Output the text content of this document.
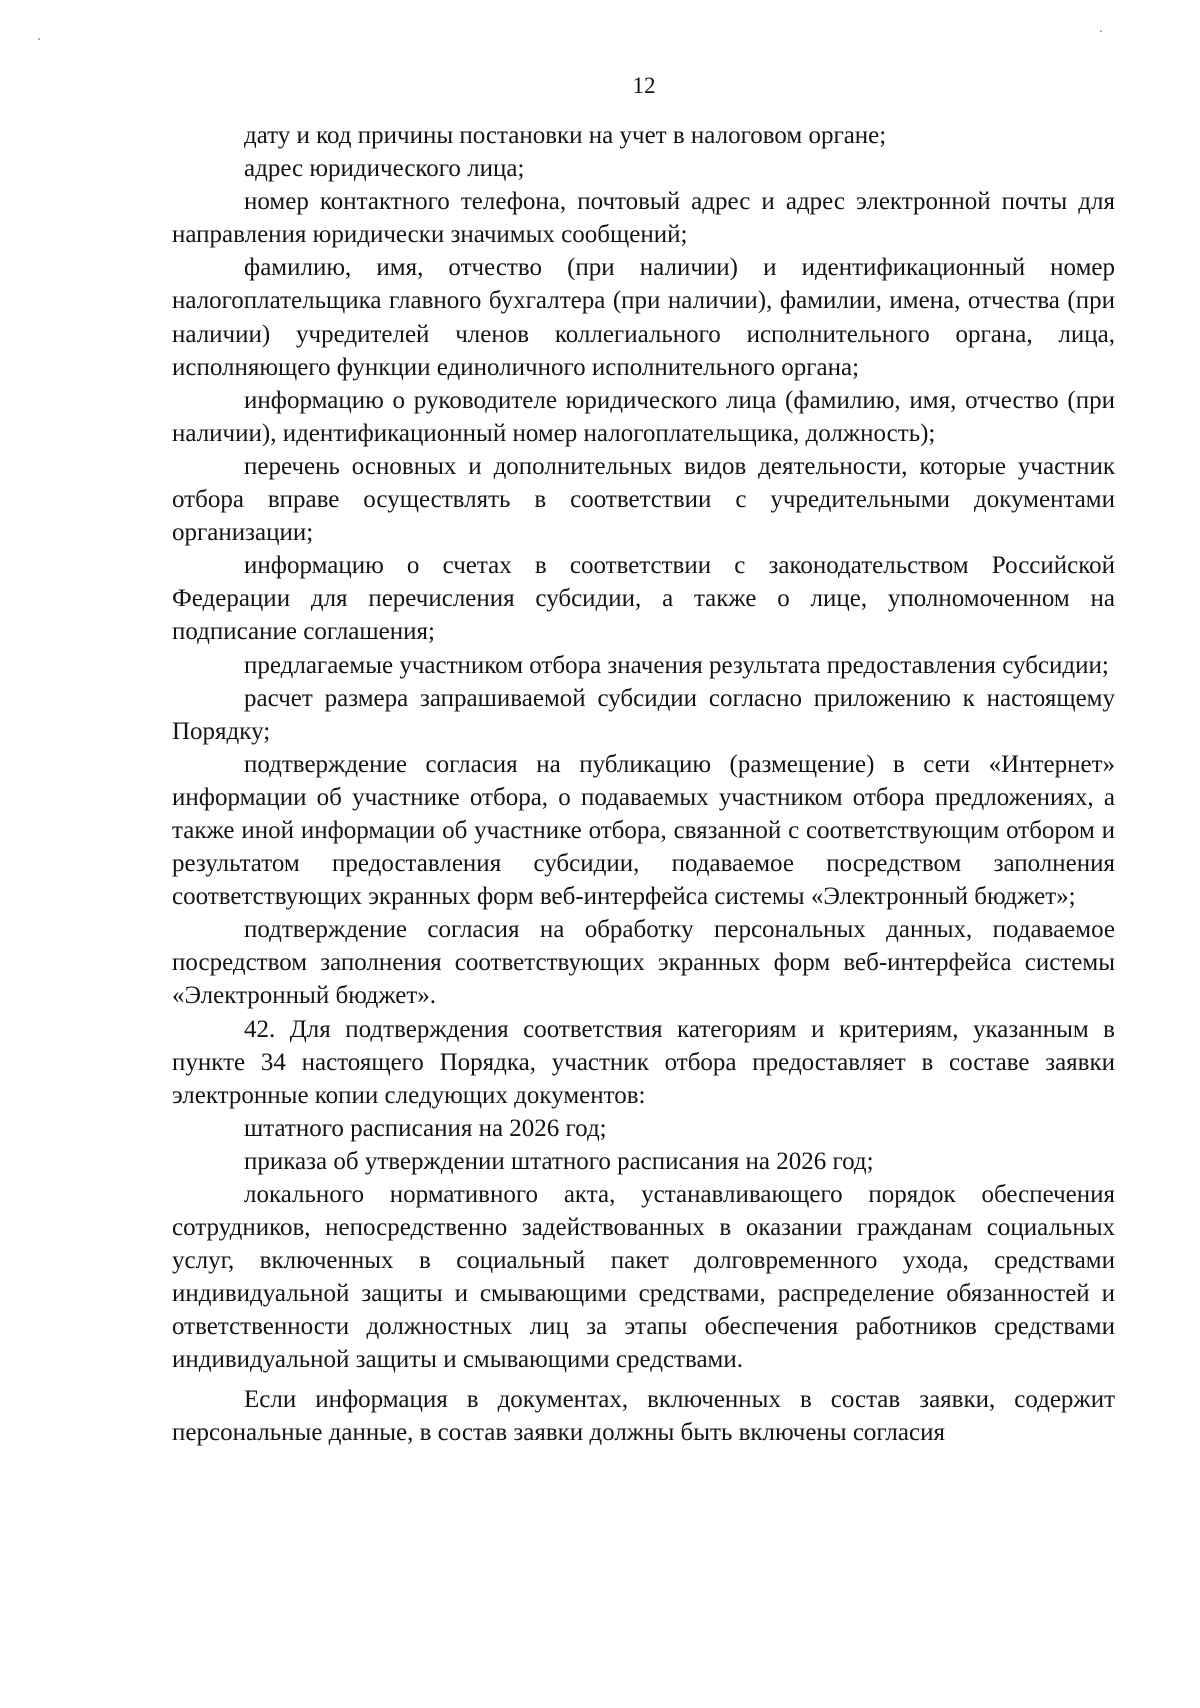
12

дату и код причины постановки на учет в налоговом органе;

адрес юридического лица;

номер контактного телефона, почтовый адрес и адрес электронной почты для направления юридически значимых сообщений;

фамилию, имя, отчество (при наличии) и идентификационный номер налогоплательщика главного бухгалтера (при наличии), фамилии, имена, отчества (при наличии) учредителей членов коллегиального исполнительного органа, лица, исполняющего функции единоличного исполнительного органа;

информацию о руководителе юридического лица (фамилию, имя, отчество (при наличии), идентификационный номер налогоплательщика, должность);

перечень основных и дополнительных видов деятельности, которые участник отбора вправе осуществлять в соответствии с учредительными документами организации;

информацию о счетах в соответствии с законодательством Российской Федерации для перечисления субсидии, а также о лице, уполномоченном на подписание соглашения;

предлагаемые участником отбора значения результата предоставления субсидии;

расчет размера запрашиваемой субсидии согласно приложению к настоящему Порядку;

подтверждение согласия на публикацию (размещение) в сети «Интернет» информации об участнике отбора, о подаваемых участником отбора предложениях, а также иной информации об участнике отбора, связанной с соответствующим отбором и результатом предоставления субсидии, подаваемое посредством заполнения соответствующих экранных форм веб-интерфейса системы «Электронный бюджет»;

подтверждение согласия на обработку персональных данных, подаваемое посредством заполнения соответствующих экранных форм веб-интерфейса системы «Электронный бюджет».

42. Для подтверждения соответствия категориям и критериям, указанным в пункте 34 настоящего Порядка, участник отбора предоставляет в составе заявки электронные копии следующих документов:

штатного расписания на 2026 год;

приказа об утверждении штатного расписания на 2026 год;

локального нормативного акта, устанавливающего порядок обеспечения сотрудников, непосредственно задействованных в оказании гражданам социальных услуг, включенных в социальный пакет долговременного ухода, средствами индивидуальной защиты и смывающими средствами, распределение обязанностей и ответственности должностных лиц за этапы обеспечения работников средствами индивидуальной защиты и смывающими средствами.

Если информация в документах, включенных в состав заявки, содержит персональные данные, в состав заявки должны быть включены согласия
